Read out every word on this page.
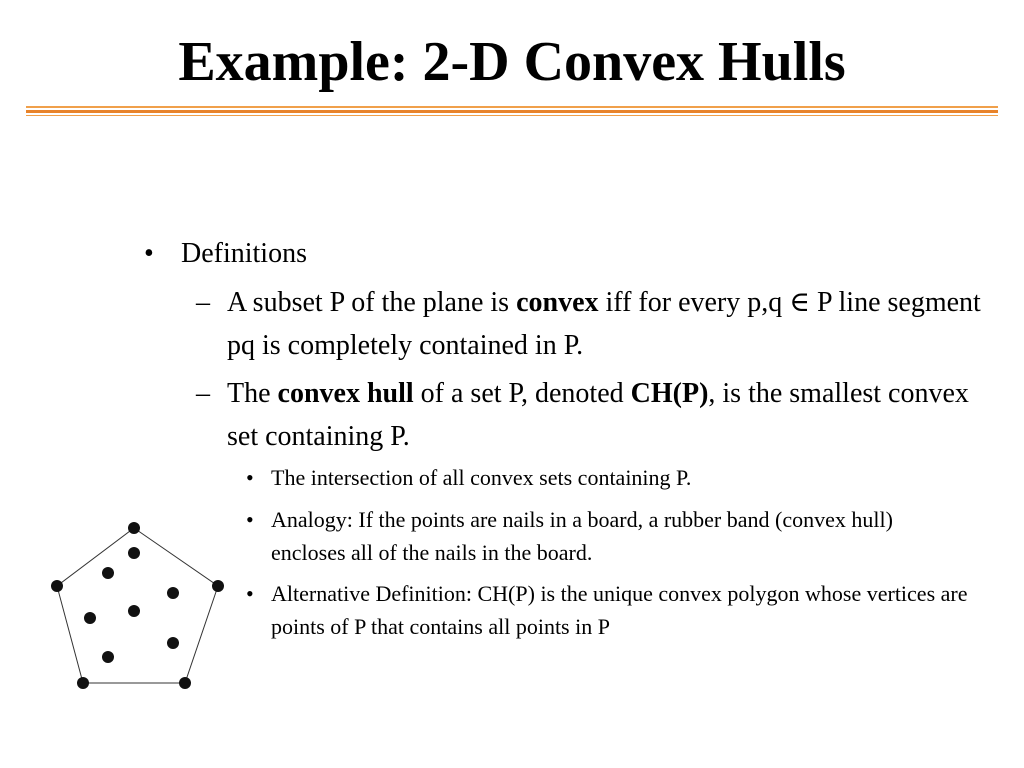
Example: 2-D Convex Hulls
• Definitions
– A subset P of the plane is convex iff for every p,q ∈ P line segment pq is completely contained in P.
– The convex hull of a set P, denoted CH(P), is the smallest convex set containing P.
• The intersection of all convex sets containing P.
• Analogy: If the points are nails in a board, a rubber band (convex hull) encloses all of the nails in the board.
• Alternative Definition: CH(P) is the unique convex polygon whose vertices are points of P that contains all points in P
